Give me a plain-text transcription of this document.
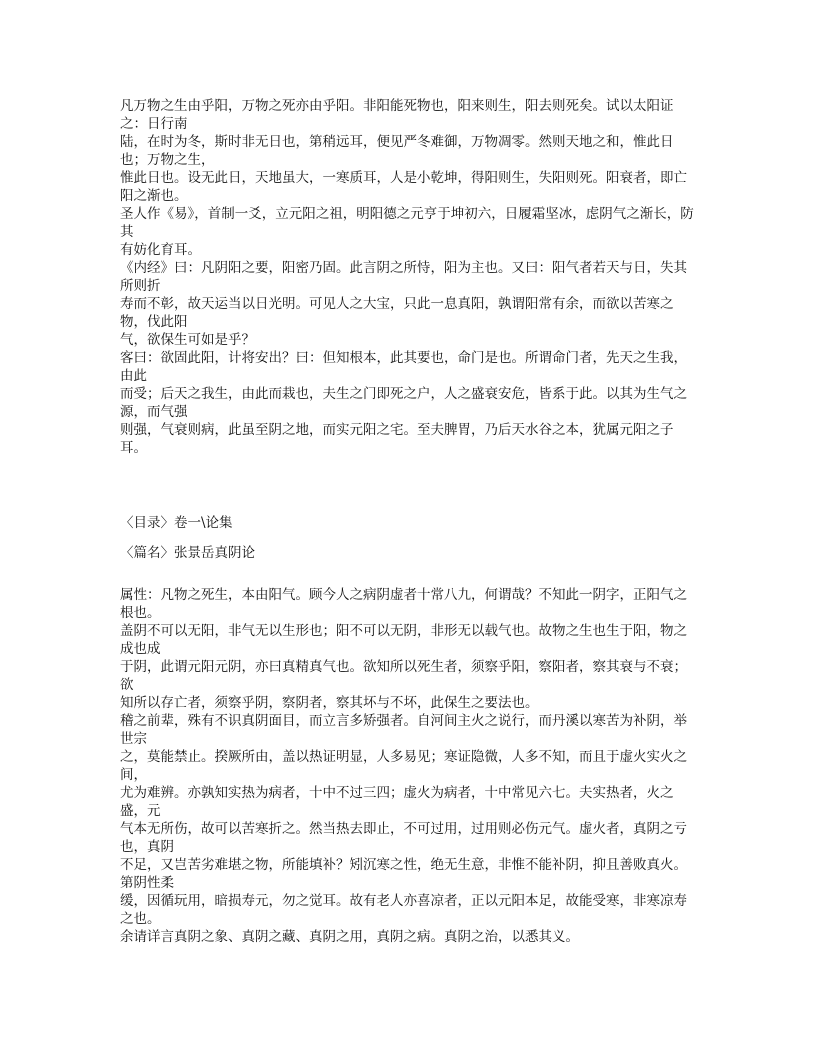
凡万物之生由乎阳，万物之死亦由乎阳。非阳能死物也，阳来则生，阳去则死矣。试以太阳证之：日行南

陆，在时为冬，斯时非无日也，第稍远耳，便见严冬难御，万物凋零。然则天地之和，惟此日也；万物之生，

惟此日也。设无此日，天地虽大，一寒质耳，人是小乾坤，得阳则生，失阳则死。阳衰者，即亡阳之渐也。

圣人作《易》，首制一爻，立元阳之祖，明阳德之元亨于坤初六，日履霜坚冰，虑阴气之渐长，防其

有妨化育耳。

《内经》曰：凡阴阳之要，阳密乃固。此言阴之所恃，阳为主也。又曰：阳气者若天与日，失其所则折

寿而不彰，故天运当以日光明。可见人之大宝，只此一息真阳，孰谓阳常有余，而欲以苦寒之物，伐此阳

气，欲保生可如是乎？

客曰：欲固此阳，计将安出？曰：但知根本，此其要也，命门是也。所谓命门者，先天之生我，由此

而受；后天之我生，由此而栽也，夫生之门即死之户，人之盛衰安危，皆系于此。以其为生气之源，而气强

则强，气衰则病，此虽至阴之地，而实元阳之宅。至夫脾胃，乃后天水谷之本，犹属元阳之子耳。

〈目录〉卷一\论集

〈篇名〉张景岳真阴论

属性：凡物之死生，本由阳气。顾今人之病阴虚者十常八九，何谓哉？不知此一阴字，正阳气之根也。

盖阴不可以无阳，非气无以生形也；阳不可以无阴，非形无以载气也。故物之生也生于阳，物之成也成

于阴，此谓元阳元阴，亦曰真精真气也。欲知所以死生者，须察乎阳，察阳者，察其衰与不衰；欲

知所以存亡者，须察乎阴，察阴者，察其坏与不坏，此保生之要法也。

稽之前辈，殊有不识真阴面目，而立言多矫强者。自河间主火之说行，而丹溪以寒苦为补阴，举世宗

之，莫能禁止。揆厥所由，盖以热证明显，人多易见；寒证隐微，人多不知，而且于虚火实火之间，

尤为难辨。亦孰知实热为病者，十中不过三四；虚火为病者，十中常见六七。夫实热者，火之盛，元

气本无所伤，故可以苦寒折之。然当热去即止，不可过用，过用则必伤元气。虚火者，真阴之亏也，真阴

不足，又岂苦劣难堪之物，所能填补？矧沉寒之性，绝无生意，非惟不能补阴，抑且善败真火。第阴性柔

缓，因循玩用，暗损寿元，勿之觉耳。故有老人亦喜凉者，正以元阳本足，故能受寒，非寒凉寿之也。

余请详言真阴之象、真阴之藏、真阴之用，真阴之病。真阴之治，以悉其义。
